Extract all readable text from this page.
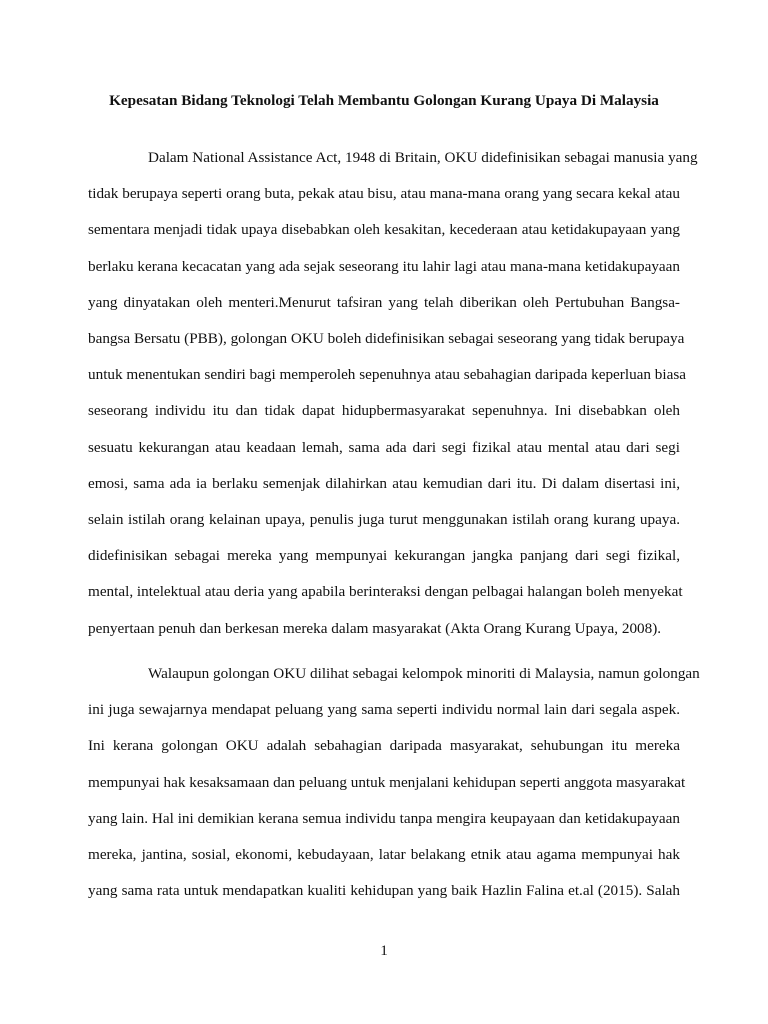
Kepesatan Bidang Teknologi Telah Membantu Golongan Kurang Upaya Di Malaysia

Dalam National Assistance Act, 1948 di Britain, OKU didefinisikan sebagai manusia yang
tidak berupaya seperti orang buta, pekak atau bisu, atau mana-mana orang yang secara kekal atau
sementara menjadi tidak upaya disebabkan oleh kesakitan, kecederaan atau ketidakupayaan yang
berlaku kerana kecacatan yang ada sejak seseorang itu lahir lagi atau mana-mana ketidakupayaan
yang dinyatakan oleh menteri.Menurut tafsiran yang telah diberikan oleh Pertubuhan Bangsa-
bangsa Bersatu (PBB), golongan OKU boleh didefinisikan sebagai seseorang yang tidak berupaya
untuk menentukan sendiri bagi memperoleh sepenuhnya atau sebahagian daripada keperluan biasa
seseorang individu itu dan tidak dapat hidupbermasyarakat sepenuhnya. Ini disebabkan oleh
sesuatu kekurangan atau keadaan lemah, sama ada dari segi fizikal atau mental atau dari segi
emosi, sama ada ia berlaku semenjak dilahirkan atau kemudian dari itu. Di dalam disertasi ini,
selain istilah orang kelainan upaya, penulis juga turut menggunakan istilah orang kurang upaya.
didefinisikan sebagai mereka yang mempunyai kekurangan jangka panjang dari segi fizikal,
mental, intelektual atau deria yang apabila berinteraksi dengan pelbagai halangan boleh menyekat
penyertaan penuh dan berkesan mereka dalam masyarakat (Akta Orang Kurang Upaya, 2008).

Walaupun golongan OKU dilihat sebagai kelompok minoriti di Malaysia, namun golongan
ini juga sewajarnya mendapat peluang yang sama seperti individu normal lain dari segala aspek.
Ini kerana golongan OKU adalah sebahagian daripada masyarakat, sehubungan itu mereka
mempunyai hak kesaksamaan dan peluang untuk menjalani kehidupan seperti anggota masyarakat
yang lain. Hal ini demikian kerana semua individu tanpa mengira keupayaan dan ketidakupayaan
mereka, jantina, sosial, ekonomi, kebudayaan, latar belakang etnik atau agama mempunyai hak
yang sama rata untuk mendapatkan kualiti kehidupan yang baik Hazlin Falina et.al (2015). Salah

1
